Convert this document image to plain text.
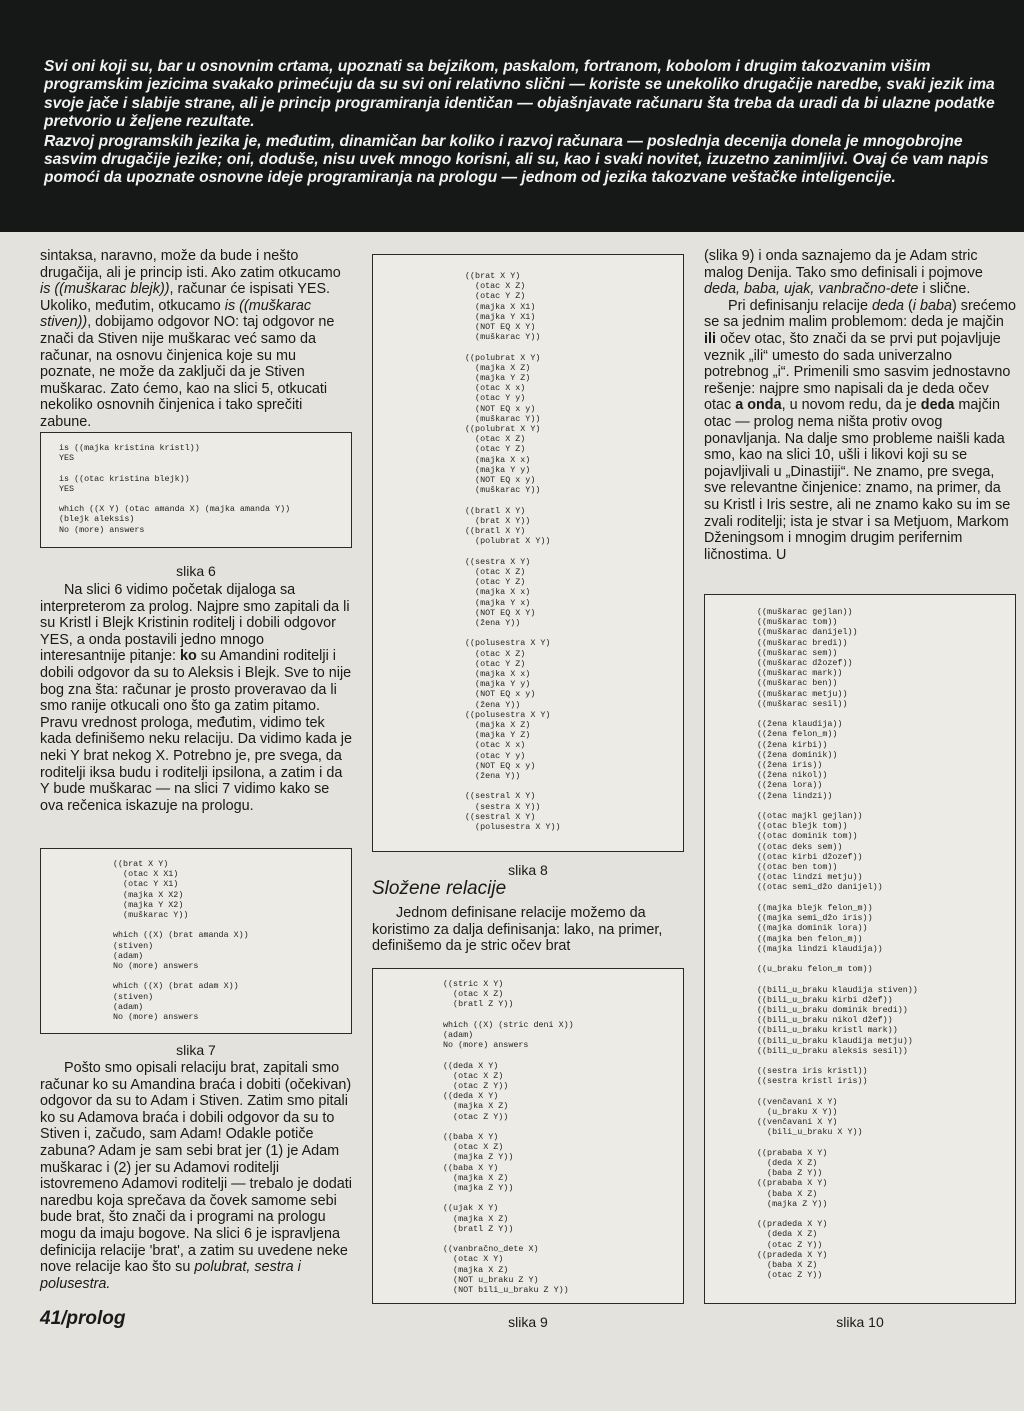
Svi oni koji su, bar u osnovnim crtama, upoznati sa bejzikom, paskalom, fortranom, kobolom i drugim takozvanim višim programskim jezicima svakako primećuju da su svi oni relativno slični — koriste se unekoliko drugačije naredbe, svaki jezik ima svoje jače i slabije strane, ali je princip programiranja identičan — objašnjavate računaru šta treba da uradi da bi ulazne podatke pretvorio u željene rezultate.

Razvoj programskih jezika je, međutim, dinamičan bar koliko i razvoj računara — poslednja decenija donela je mnogobrojne sasvim drugačije jezike; oni, doduše, nisu uvek mnogo korisni, ali su, kao i svaki novitet, izuzetno zanimljivi. Ovaj će vam napis pomoći da upoznate osnovne ideje programiranja na prologu — jednom od jezika takozvane veštačke inteligencije.

sintaksa, naravno, može da bude i nešto drugačija, ali je princip isti. Ako zatim otkucamo is ((muškarac blejk)), računar će ispisati YES. Ukoliko, međutim, otkucamo is ((muškarac stiven)), dobijamo odgovor NO: taj odgovor ne znači da Stiven nije muškarac već samo da računar, na osnovu činjenica koje su mu poznate, ne može da zaključi da je Stiven muškarac. Zato ćemo, kao na slici 5, otkucati nekoliko osnovnih činjenica i tako sprečiti zabune.

is ((majka kristina kristl))
YES

is ((otac kristina blejk))
YES

which ((X Y) (otac amanda X) (majka amanda Y))
(blejk aleksis)
No (more) answers

slika 6

Na slici 6 vidimo početak dijaloga sa interpreterom za prolog. Najpre smo zapitali da li su Kristl i Blejk Kristinin roditelj i dobili odgovor YES, a onda postavili jedno mnogo interesantnije pitanje: ko su Amandini roditelji i dobili odgovor da su to Aleksis i Blejk. Sve to nije bog zna šta: računar je prosto proveravao da li smo ranije otkucali ono što ga zatim pitamo. Pravu vrednost prologa, međutim, vidimo tek kada definišemo neku relaciju. Da vidimo kada je neki Y brat nekog X. Potrebno je, pre svega, da roditelji iksa budu i roditelji ipsilona, a zatim i da Y bude muškarac — na slici 7 vidimo kako se ova rečenica iskazuje na prologu.

((brat X Y)
(otac X X1)
(otac Y X1)
(majka X X2)
(majka Y X2)
(muškarac Y))

which ((X) (brat amanda X))
(stiven)
(adam)
No (more) answers

which ((X) (brat adam X))
(stiven)
(adam)
No (more) answers

slika 7

Pošto smo opisali relaciju brat, zapitali smo računar ko su Amandina braća i dobiti (očekivan) odgovor da su to Adam i Stiven. Zatim smo pitali ko su Adamova braća i dobili odgovor da su to Stiven i, začudo, sam Adam! Odakle potiče zabuna? Adam je sam sebi brat jer (1) je Adam muškarac i (2) jer su Adamovi roditelji istovremeno Adamovi roditelji — trebalo je dodati naredbu koja sprečava da čovek samome sebi bude brat, što znači da i programi na prologu mogu da imaju bogove. Na slici 6 je ispravljena definicija relacije 'brat', a zatim su uvedene neke nove relacije kao što su polubrat, sestra i polusestra.

41/prolog

((brat X Y)
(otac X Z)
(otac Y Z)
(majka X X1)
(majka Y X1)
(NOT EQ X Y)
(muškarac Y))

((polubrat X Y)
(majka X Z)
(majka Y Z)
(otac X x)
(otac Y y)
(NOT EQ x y)
(muškarac Y))
((polubrat X Y)
(otac X Z)
(otac Y Z)
(majka X x)
(majka Y y)
(NOT EQ x y)
(muškarac Y))

((bratl X Y)
(brat X Y))
((bratl X Y)
(polubrat X Y))

((sestra X Y)
(otac X Z)
(otac Y Z)
(majka X x)
(majka Y x)
(NOT EQ X Y)
(žena Y))

((polusestra X Y)
(otac X Z)
(otac Y Z)
(majka X x)
(majka Y y)
(NOT EQ x y)
(žena Y))
((polusestra X Y)
(majka X Z)
(majka Y Z)
(otac X x)
(otac Y y)
(NOT EQ x y)
(žena Y))

((sestral X Y)
(sestra X Y))
((sestral X Y)
(polusestra X Y))

slika 8
Složene relacije

Jednom definisane relacije možemo da koristimo za dalja definisanja: lako, na primer, definišemo da je stric očev brat

((stric X Y)
(otac X Z)
(bratl Z Y))

which ((X) (stric deni X))
(adam)
No (more) answers

((deda X Y)
(otac X Z)
(otac Z Y))
((deda X Y)
(majka X Z)
(otac Z Y))

((baba X Y)
(otac X Z)
(majka Z Y))
((baba X Y)
(majka X Z)
(majka Z Y))

((ujak X Y)
(majka X Z)
(bratl Z Y))

((vanbračno_dete X)
(otac X Y)
(majka X Z)
(NOT u_braku Z Y)
(NOT bili_u_braku Z Y))

slika 9

(slika 9) i onda saznajemo da je Adam stric malog Denija. Tako smo definisali i pojmove deda, baba, ujak, vanbračno-dete i slične.

Pri definisanju relacije deda (i baba) srećemo se sa jednim malim problemom: deda je majčin ili očev otac, što znači da se prvi put pojavljuje veznik „ili“ umesto do sada univerzalno potrebnog „i“. Primenili smo sasvim jednostavno rešenje: najpre smo napisali da je deda očev otac a onda, u novom redu, da je deda majčin otac — prolog nema ništa protiv ovog ponavljanja. Na dalje smo probleme naišli kada smo, kao na slici 10, ušli i likovi koji su se pojavljivali u „Dinastiji“. Ne znamo, pre svega, sve relevantne činjenice: znamo, na primer, da su Kristl i Iris sestre, ali ne znamo kako su im se zvali roditelji; ista je stvar i sa Metjuom, Markom Dženingsom i mnogim drugim perifernim ličnostima. U

((muškarac gejlan))
((muškarac tom))
((muškarac danijel))
((muškarac bredi))
((muškarac sem))
((muškarac džozef))
((muškarac mark))
((muškarac ben))
((muškarac metju))
((muškarac sesil))

((žena klaudija))
((žena felon_m))
((žena kirbi))
((žena dominik))
((žena iris))
((žena nikol))
((žena lora))
((žena lindzi))

((otac majkl gejlan))
((otac blejk tom))
((otac dominik tom))
((otac deks sem))
((otac kirbi džozef))
((otac ben tom))
((otac lindzi metju))
((otac semi_džo danijel))

((majka blejk felon_m))
((majka semi_džo iris))
((majka dominik lora))
((majka ben felon_m))
((majka lindzi klaudija))

((u_braku felon_m tom))

((bili_u_braku klaudija stiven))
((bili_u_braku kirbi džef))
((bili_u_braku dominik bredi))
((bili_u_braku nikol džef))
((bili_u_braku kristl mark))
((bili_u_braku klaudija metju))
((bili_u_braku aleksis sesil))

((sestra iris kristl))
((sestra kristl iris))

((venčavani X Y)
(u_braku X Y))
((venčavani X Y)
(bili_u_braku X Y))

((prababa X Y)
(deda X Z)
(baba Z Y))
((prababa X Y)
(baba X Z)
(majka Z Y))

((pradeda X Y)
(deda X Z)
(otac Z Y))
((pradeda X Y)
(baba X Z)
(otac Z Y))

slika 10
